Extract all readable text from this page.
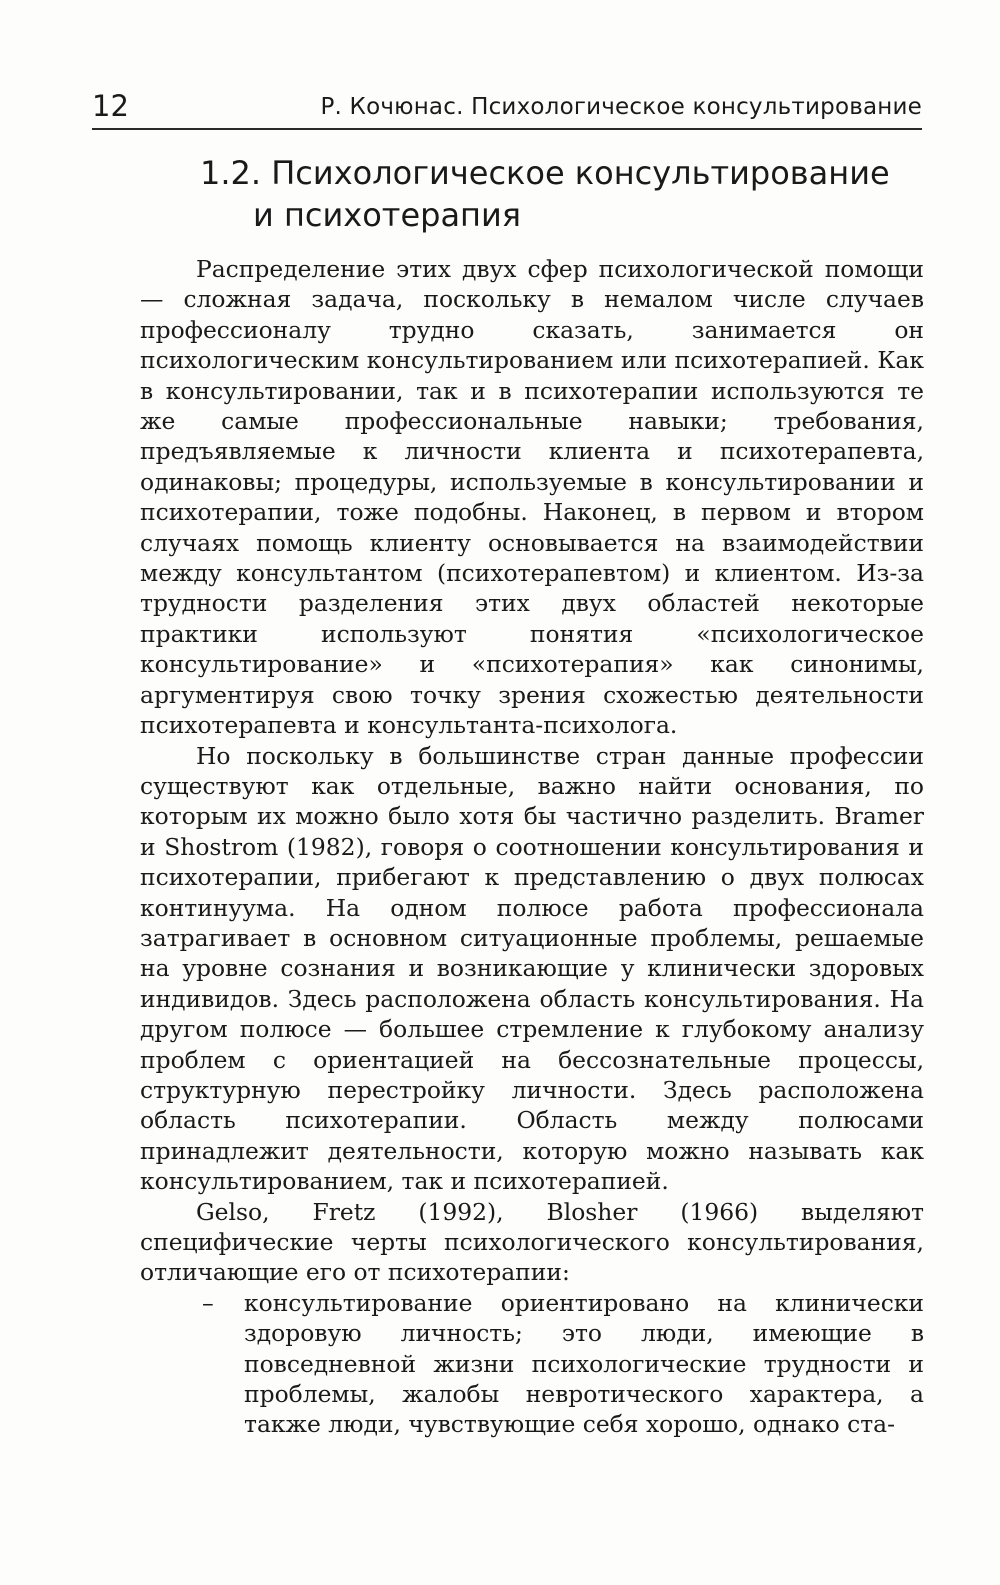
12	Р. Кочюнас. Психологическое консультирование
1.2. Психологическое консультирование
и психотерапия

Распределение этих двух сфер психологической помощи — сложная задача, поскольку в немалом числе случаев профессионалу трудно сказать, занимается он психологическим консультированием или психотерапией. Как в консультировании, так и в психотерапии используются те же самые профессиональные навыки; требования, предъявляемые к личности клиента и психотерапевта, одинаковы; процедуры, используемые в консультировании и психотерапии, тоже подобны. Наконец, в первом и втором случаях помощь клиенту основывается на взаимодействии между консультантом (психотерапевтом) и клиентом. Из-за трудности разделения этих двух областей некоторые практики используют понятия «психологическое консультирование» и «психотерапия» как синонимы, аргументируя свою точку зрения схожестью деятельности психотерапевта и консультанта-психолога.

Но поскольку в большинстве стран данные профессии существуют как отдельные, важно найти основания, по которым их можно было хотя бы частично разделить. Bramer и Shostrom (1982), говоря о соотношении консультирования и психотерапии, прибегают к представлению о двух полюсах континуума. На одном полюсе работа профессионала затрагивает в основном ситуационные проблемы, решаемые на уровне сознания и возникающие у клинически здоровых индивидов. Здесь расположена область консультирования. На другом полюсе — большее стремление к глубокому анализу проблем с ориентацией на бессознательные процессы, структурную перестройку личности. Здесь расположена область психотерапии. Область между полюсами принадлежит деятельности, которую можно называть как консультированием, так и психотерапией.

Gelso, Fretz (1992), Blosher (1966) выделяют специфические черты психологического консультирования, отличающие его от психотерапии:

– консультирование ориентировано на клинически здоровую личность; это люди, имеющие в повседневной жизни психологические трудности и проблемы, жалобы невротического характера, а также люди, чувствующие себя хорошо, однако ста-
